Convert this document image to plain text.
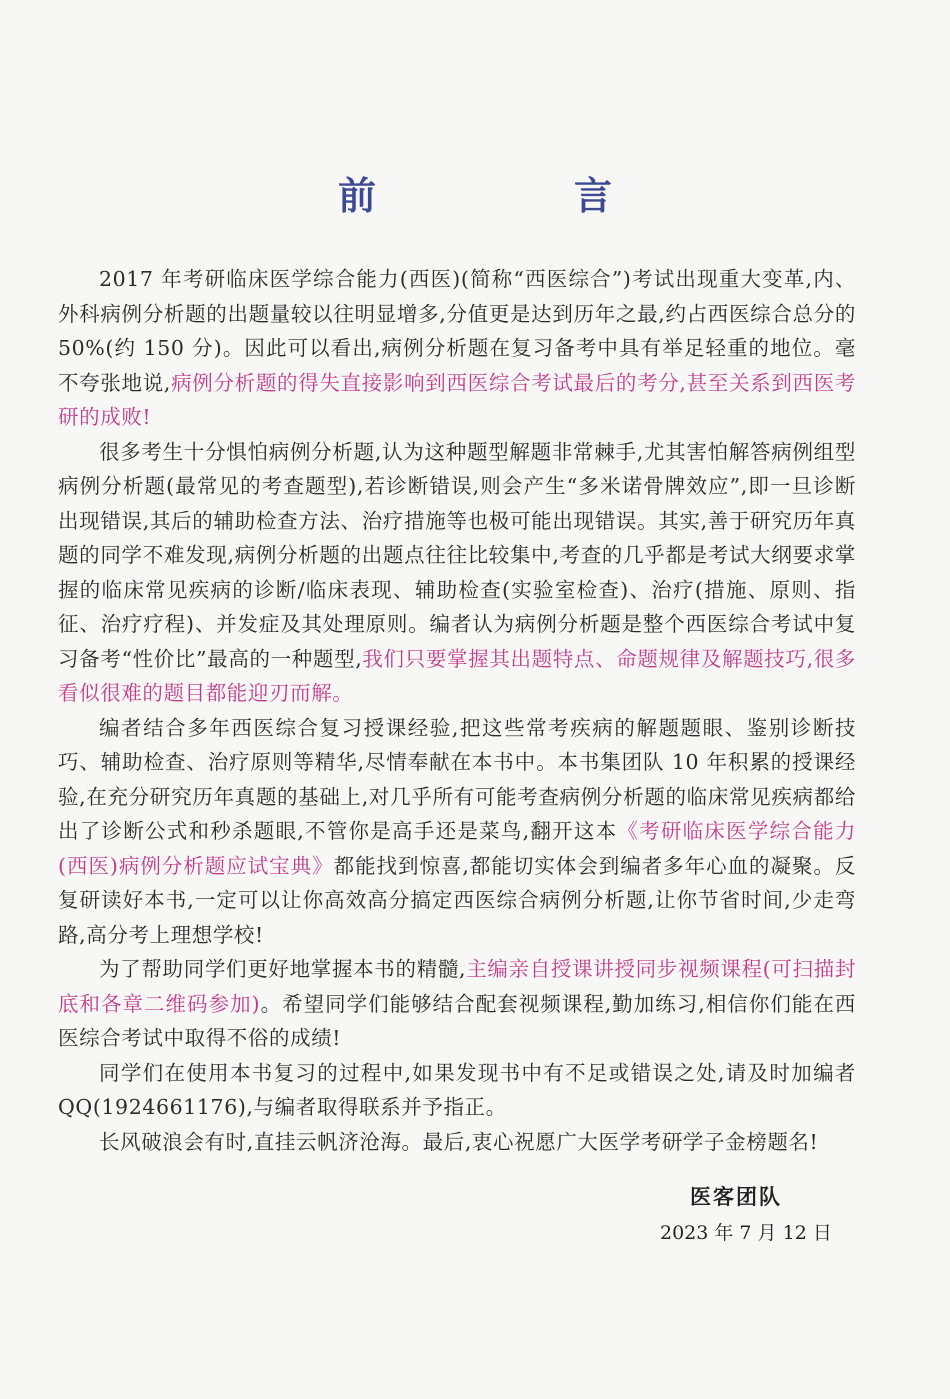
前　言

2017 年考研临床医学综合能力(西医)(简称“西医综合”)考试出现重大变革,内、外科病例分析题的出题量较以往明显增多,分值更是达到历年之最,约占西医综合总分的50%(约 150 分)。因此可以看出,病例分析题在复习备考中具有举足轻重的地位。毫不夸张地说,病例分析题的得失直接影响到西医综合考试最后的考分,甚至关系到西医考研的成败!

很多考生十分惧怕病例分析题,认为这种题型解题非常棘手,尤其害怕解答病例组型病例分析题(最常见的考查题型),若诊断错误,则会产生“多米诺骨牌效应”,即一旦诊断出现错误,其后的辅助检查方法、治疗措施等也极可能出现错误。其实,善于研究历年真题的同学不难发现,病例分析题的出题点往往比较集中,考查的几乎都是考试大纲要求掌握的临床常见疾病的诊断/临床表现、辅助检查(实验室检查)、治疗(措施、原则、指征、治疗疗程)、并发症及其处理原则。编者认为病例分析题是整个西医综合考试中复习备考“性价比”最高的一种题型,我们只要掌握其出题特点、命题规律及解题技巧,很多看似很难的题目都能迎刃而解。

编者结合多年西医综合复习授课经验,把这些常考疾病的解题题眼、鉴别诊断技巧、辅助检查、治疗原则等精华,尽情奉献在本书中。本书集团队 10 年积累的授课经验,在充分研究历年真题的基础上,对几乎所有可能考查病例分析题的临床常见疾病都给出了诊断公式和秒杀题眼,不管你是高手还是菜鸟,翻开这本《考研临床医学综合能力(西医)病例分析题应试宝典》都能找到惊喜,都能切实体会到编者多年心血的凝聚。反复研读好本书,一定可以让你高效高分搞定西医综合病例分析题,让你节省时间,少走弯路,高分考上理想学校!

为了帮助同学们更好地掌握本书的精髓,主编亲自授课讲授同步视频课程(可扫描封底和各章二维码参加)。希望同学们能够结合配套视频课程,勤加练习,相信你们能在西医综合考试中取得不俗的成绩!

同学们在使用本书复习的过程中,如果发现书中有不足或错误之处,请及时加编者 QQ(1924661176),与编者取得联系并予指正。

长风破浪会有时,直挂云帆济沧海。最后,衷心祝愿广大医学考研学子金榜题名!

医客团队
2023 年 7 月 12 日
